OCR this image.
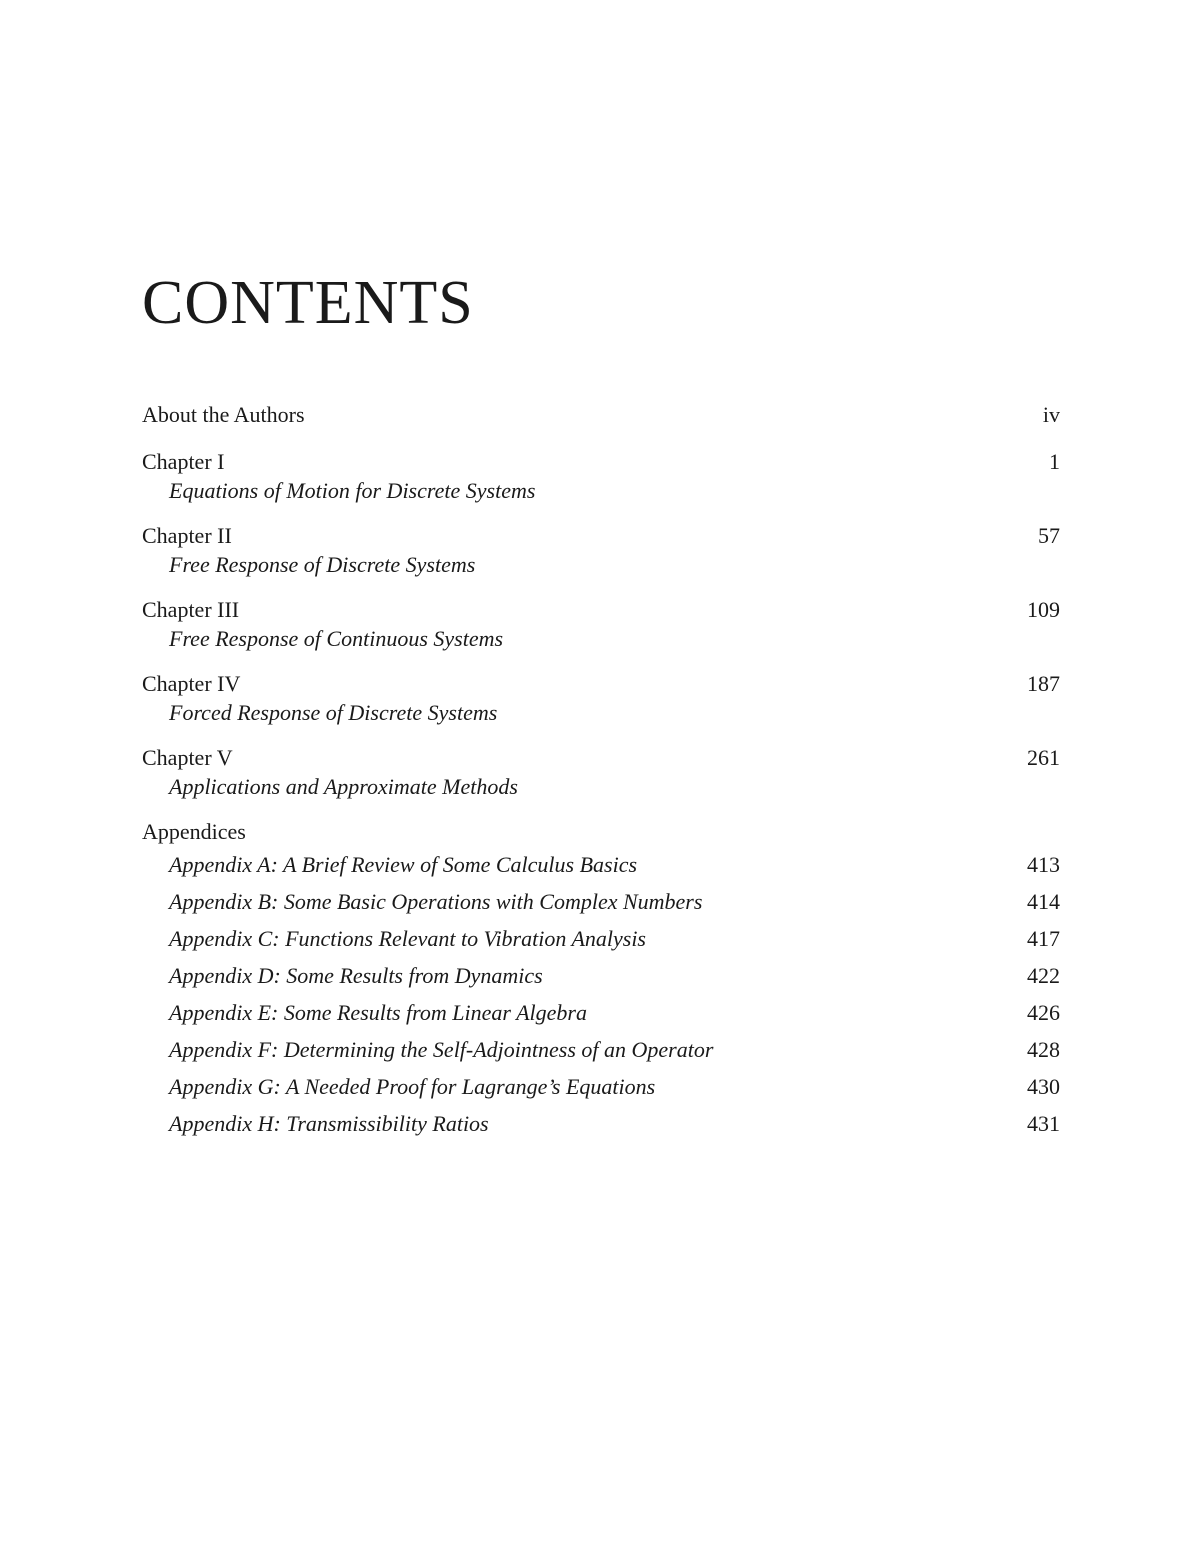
CONTENTS
About the Authors	iv
Chapter I	1
Equations of Motion for Discrete Systems
Chapter II	57
Free Response of Discrete Systems
Chapter III	109
Free Response of Continuous Systems
Chapter IV	187
Forced Response of Discrete Systems
Chapter V	261
Applications and Approximate Methods
Appendices
Appendix A: A Brief Review of Some Calculus Basics	413
Appendix B: Some Basic Operations with Complex Numbers	414
Appendix C: Functions Relevant to Vibration Analysis	417
Appendix D: Some Results from Dynamics	422
Appendix E: Some Results from Linear Algebra	426
Appendix F: Determining the Self-Adjointness of an Operator	428
Appendix G: A Needed Proof for Lagrange’s Equations	430
Appendix H: Transmissibility Ratios	431
